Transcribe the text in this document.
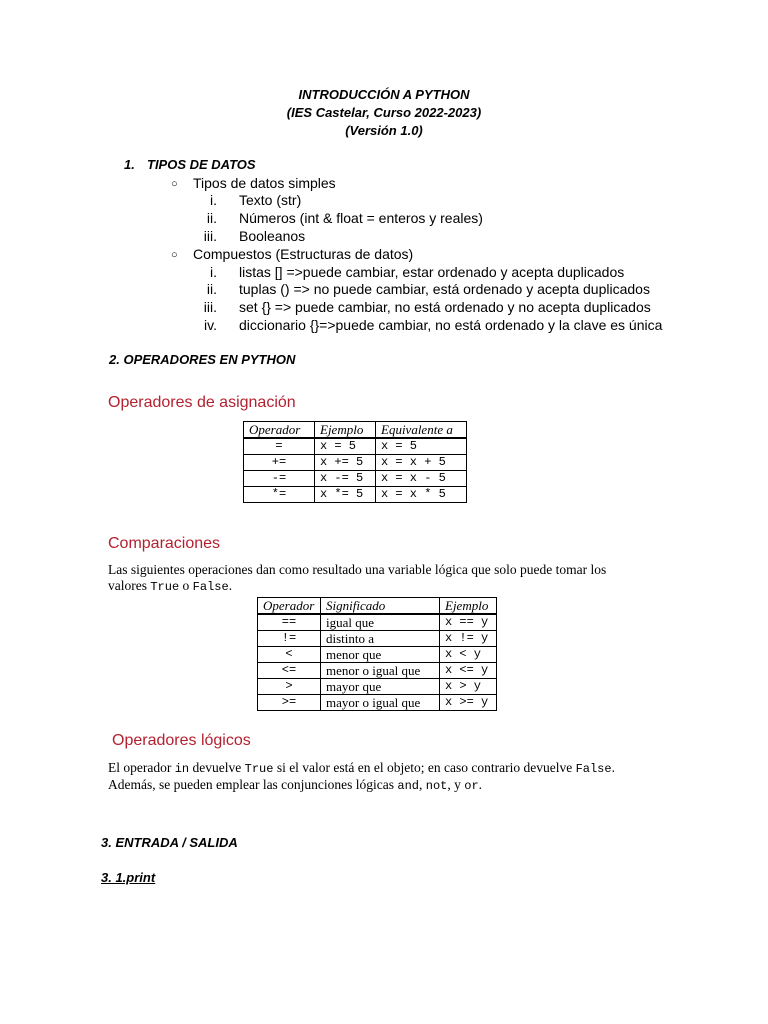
INTRODUCCIÓN A PYTHON
(IES Castelar, Curso 2022-2023)
(Versión 1.0)
1. TIPOS DE DATOS
○ Tipos de datos simples
i. Texto (str)
ii. Números (int & float = enteros y reales)
iii. Booleanos
○ Compuestos (Estructuras de datos)
i. listas [] =>puede cambiar, estar ordenado y acepta duplicados
ii. tuplas () => no puede cambiar, está ordenado y acepta duplicados
iii. set {} => puede cambiar, no está ordenado y no acepta duplicados
iv. diccionario {}=>puede cambiar, no está ordenado y la clave es única
2. OPERADORES EN PYTHON
Operadores de asignación
Operador	Ejemplo	Equivalente a
=	x = 5	x = 5
+=	x += 5	x = x + 5
-=	x -= 5	x = x - 5
*=	x *= 5	x = x * 5
Comparaciones
Las siguientes operaciones dan como resultado una variable lógica que solo puede tomar los
valores True o False.
Operador	Significado	Ejemplo
==	igual que	x == y
!=	distinto a	x != y
<	menor que	x < y
<=	menor o igual que	x <= y
>	mayor que	x > y
>=	mayor o igual que	x >= y
Operadores lógicos
El operador in devuelve True si el valor está en el objeto; en caso contrario devuelve False.
Además, se pueden emplear las conjunciones lógicas and, not, y or.
3. ENTRADA / SALIDA
3. 1.print
